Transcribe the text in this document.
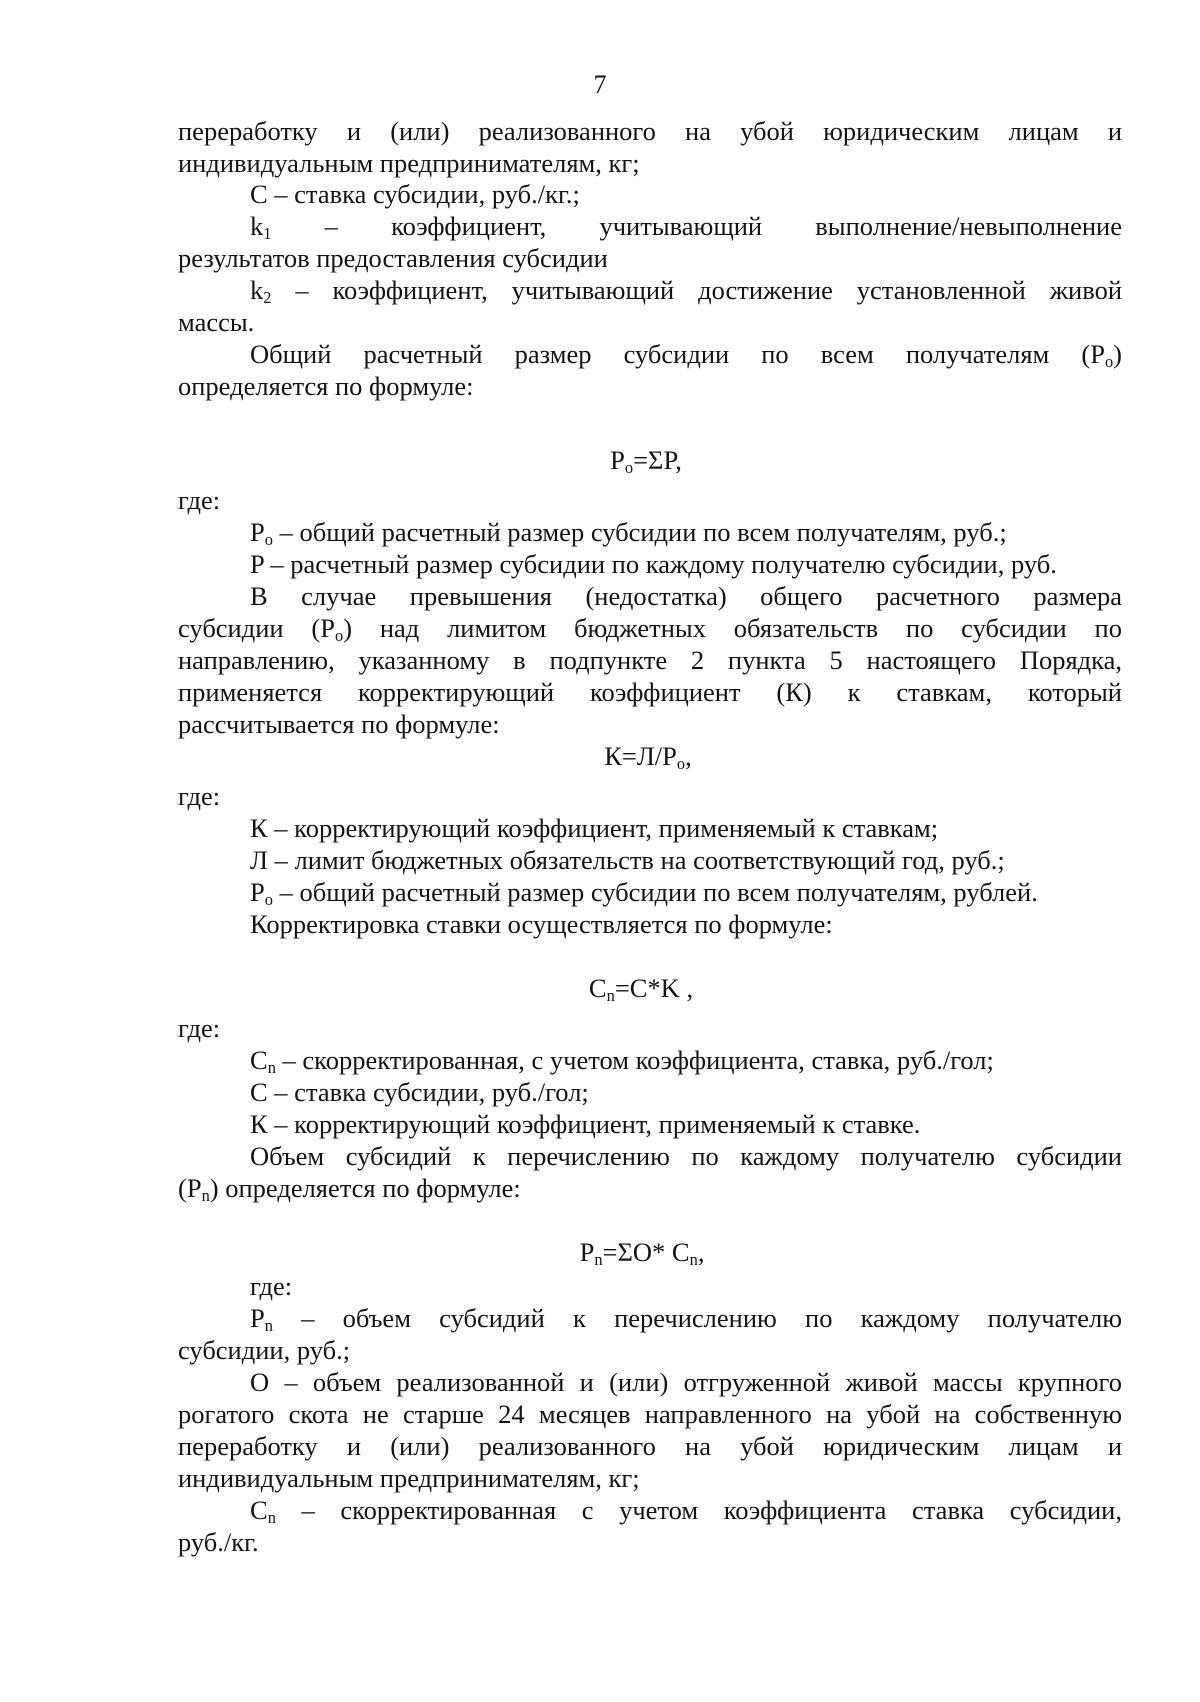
7
переработку и (или) реализованного на убой юридическим лицам и
индивидуальным предпринимателям, кг;
С – ставка субсидии, руб./кг.;
$k_1$ – коэффициент, учитывающий выполнение/невыполнение
результатов предоставления субсидии
$k_2$ – коэффициент, учитывающий достижение установленной живой
массы.
Общий расчетный размер субсидии по всем получателям $(P_o)$
определяется по формуле:
$P_o=\Sigma P$,
где:
$P_o$ – общий расчетный размер субсидии по всем получателям, руб.;
P – расчетный размер субсидии по каждому получателю субсидии, руб.
В случае превышения (недостатка) общего расчетного размера
субсидии $(P_o)$ над лимитом бюджетных обязательств по субсидии по
направлению, указанному в подпункте 2 пункта 5 настоящего Порядка,
применяется корректирующий коэффициент (К) к ставкам, который
рассчитывается по формуле:
$К=Л/P_o$,
где:
К – корректирующий коэффициент, применяемый к ставкам;
Л – лимит бюджетных обязательств на соответствующий год, руб.;
$P_o$ – общий расчетный размер субсидии по всем получателям, рублей.
Корректировка ставки осуществляется по формуле:
$C_n=C*K$ ,
где:
$C_n$ – скорректированная, с учетом коэффициента, ставка, руб./гол;
С – ставка субсидии, руб./гол;
К – корректирующий коэффициент, применяемый к ставке.
Объем субсидий к перечислению по каждому получателю субсидии
$(P_n)$ определяется по формуле:
$P_n=\Sigma O*$ $C_n$,
где:
$P_n$ – объем субсидий к перечислению по каждому получателю
субсидии, руб.;
О – объем реализованной и (или) отгруженной живой массы крупного
рогатого скота не старше 24 месяцев направленного на убой на собственную
переработку и (или) реализованного на убой юридическим лицам и
индивидуальным предпринимателям, кг;
$C_n$ – скорректированная с учетом коэффициента ставка субсидии,
руб./кг.
